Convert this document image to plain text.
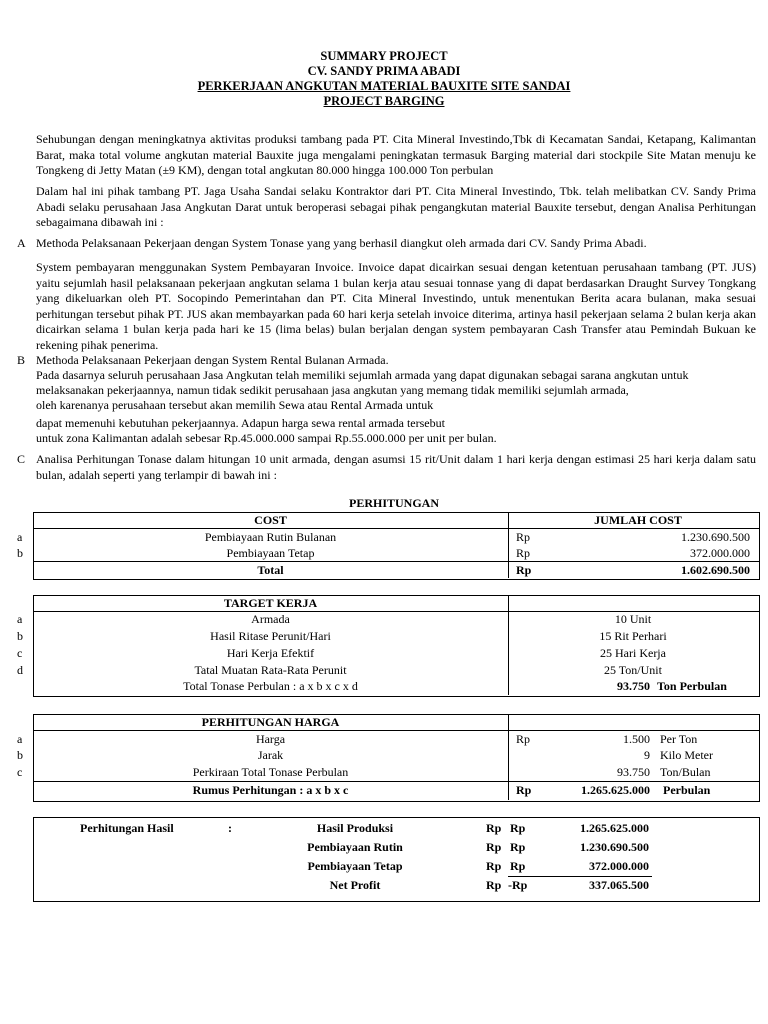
SUMMARY PROJECT
CV. SANDY PRIMA ABADI
PERKERJAAN ANGKUTAN MATERIAL BAUXITE SITE SANDAI
PROJECT BARGING
Sehubungan dengan meningkatnya aktivitas produksi tambang pada PT. Cita Mineral Investindo,Tbk di Kecamatan Sandai, Ketapang, Kalimantan Barat, maka total volume angkutan material Bauxite juga mengalami peningkatan termasuk Barging material dari stockpile Site Matan menuju ke Tongkeng di Jetty Matan (±9 KM), dengan total angkutan 80.000 hingga 100.000 Ton perbulan
Dalam hal ini pihak tambang PT. Jaga Usaha Sandai selaku Kontraktor dari PT. Cita Mineral Investindo, Tbk. telah melibatkan CV. Sandy Prima Abadi selaku perusahaan Jasa Angkutan Darat untuk beroperasi sebagai pihak pengangkutan material Bauxite tersebut, dengan Analisa Perhitungan sebagaimana dibawah ini :
A Methoda Pelaksanaan Pekerjaan dengan System Tonase yang yang berhasil diangkut oleh armada dari CV. Sandy Prima Abadi.
System pembayaran menggunakan System Pembayaran Invoice. Invoice dapat dicairkan sesuai dengan ketentuan perusahaan tambang (PT. JUS) yaitu sejumlah hasil pelaksanaan pekerjaan angkutan selama 1 bulan kerja atau sesuai tonnase yang di dapat berdasarkan Draught Survey Tongkang yang dikeluarkan oleh PT. Socopindo Pemerintahan dan PT. Cita Mineral Investindo, untuk menentukan Berita acara bulanan, maka sesuai perhitungan tersebut pihak PT. JUS akan membayarkan pada 60 hari kerja setelah invoice diterima, artinya hasil pekerjaan selama 2 bulan kerja akan dicairkan selama 1 bulan kerja pada hari ke 15 (lima belas) bulan berjalan dengan system pembayaran Cash Transfer atau Pemindah Bukuan ke rekening pihak penerima.
B Methoda Pelaksanaan Pekerjaan dengan System Rental Bulanan Armada.
Pada dasarnya seluruh perusahaan Jasa Angkutan telah memiliki sejumlah armada yang dapat digunakan sebagai sarana angkutan untuk
melaksanakan pekerjaannya, namun tidak sedikit perusahaan jasa angkutan yang memang tidak memiliki sejumlah armada,
oleh karenanya perusahaan tersebut akan memilih Sewa atau Rental Armada untuk
dapat memenuhi kebutuhan pekerjaannya. Adapun harga sewa rental armada tersebut
untuk zona Kalimantan adalah sebesar Rp.45.000.000 sampai Rp.55.000.000 per unit per bulan.
C Analisa Perhitungan Tonase dalam hitungan 10 unit armada, dengan asumsi 15 rit/Unit dalam 1 hari kerja dengan estimasi 25 hari kerja dalam satu bulan, adalah seperti yang terlampir di bawah ini :
PERHITUNGAN
COST	JUMLAH COST
a	Pembiayaan Rutin Bulanan	Rp	1.230.690.500
b	Pembiayaan Tetap	Rp	372.000.000
Total	Rp	1.602.690.500
TARGET KERJA
a	Armada	10 Unit
b	Hasil Ritase Perunit/Hari	15 Rit Perhari
c	Hari Kerja Efektif	25 Hari Kerja
d	Tatal Muatan Rata-Rata Perunit	25 Ton/Unit
Total Tonase Perbulan : a x b x c x d	93.750 Ton Perbulan
PERHITUNGAN HARGA
a	Harga	Rp	1.500 Per Ton
b	Jarak	9 Kilo Meter
c	Perkiraan Total Tonase Perbulan	93.750 Ton/Bulan
Rumus Perhitungan : a x b x c	Rp	1.265.625.000 Perbulan
Perhitungan Hasil	:	Hasil Produksi	Rp Rp	1.265.625.000
Pembiayaan Rutin	Rp Rp	1.230.690.500
Pembiayaan Tetap	Rp Rp	372.000.000
Net Profit	Rp -Rp	337.065.500
